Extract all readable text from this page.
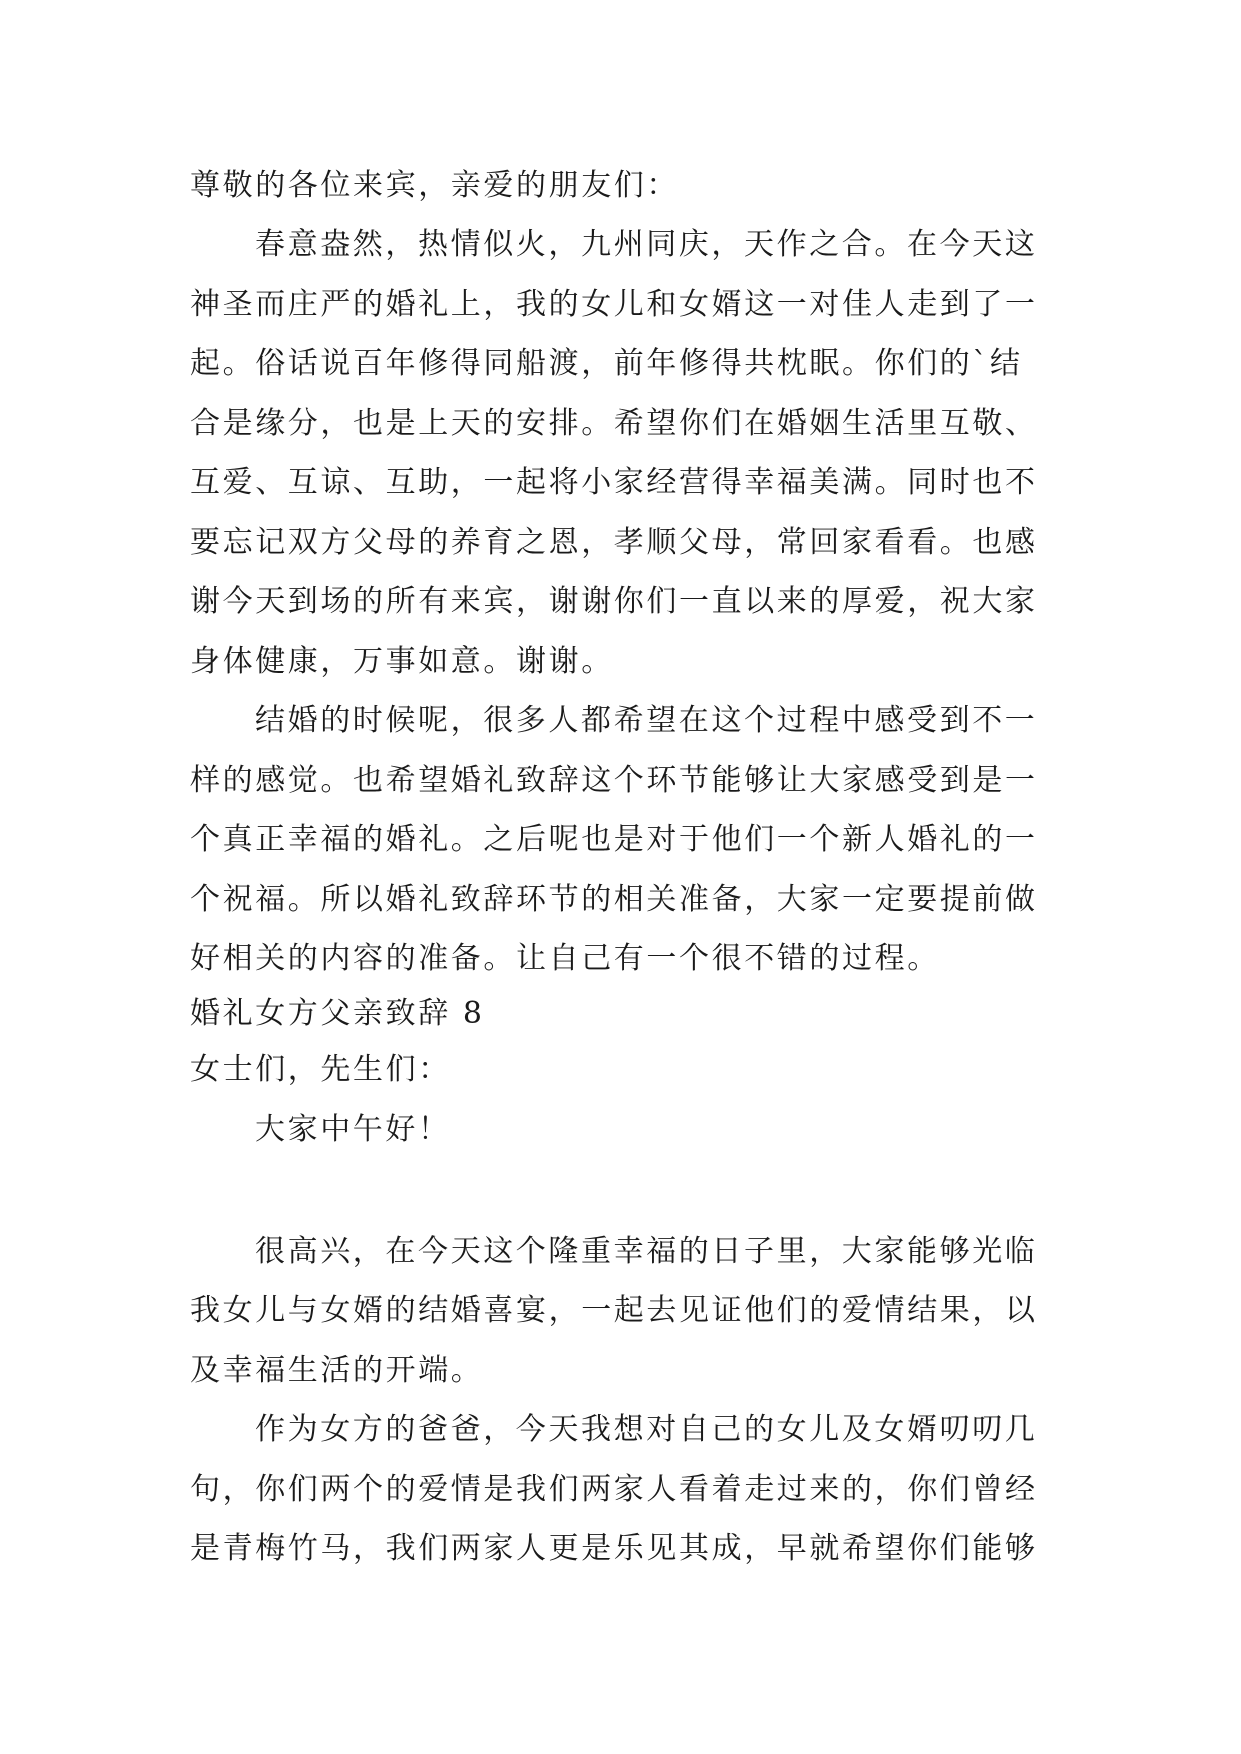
尊敬的各位来宾，亲爱的朋友们：
春意盎然，热情似火，九州同庆，天作之合。在今天这
神圣而庄严的婚礼上，我的女儿和女婿这一对佳人走到了一
起。俗话说百年修得同船渡，前年修得共枕眠。你们的`结
合是缘分，也是上天的安排。希望你们在婚姻生活里互敬、
互爱、互谅、互助，一起将小家经营得幸福美满。同时也不
要忘记双方父母的养育之恩，孝顺父母，常回家看看。也感
谢今天到场的所有来宾，谢谢你们一直以来的厚爱，祝大家
身体健康，万事如意。谢谢。
结婚的时候呢，很多人都希望在这个过程中感受到不一
样的感觉。也希望婚礼致辞这个环节能够让大家感受到是一
个真正幸福的婚礼。之后呢也是对于他们一个新人婚礼的一
个祝福。所以婚礼致辞环节的相关准备，大家一定要提前做
好相关的内容的准备。让自己有一个很不错的过程。
婚礼女方父亲致辞 8
女士们，先生们：
大家中午好！
很高兴，在今天这个隆重幸福的日子里，大家能够光临
我女儿与女婿的结婚喜宴，一起去见证他们的爱情结果，以
及幸福生活的开端。
作为女方的爸爸，今天我想对自己的女儿及女婿叨叨几
句，你们两个的爱情是我们两家人看着走过来的，你们曾经
是青梅竹马，我们两家人更是乐见其成，早就希望你们能够
